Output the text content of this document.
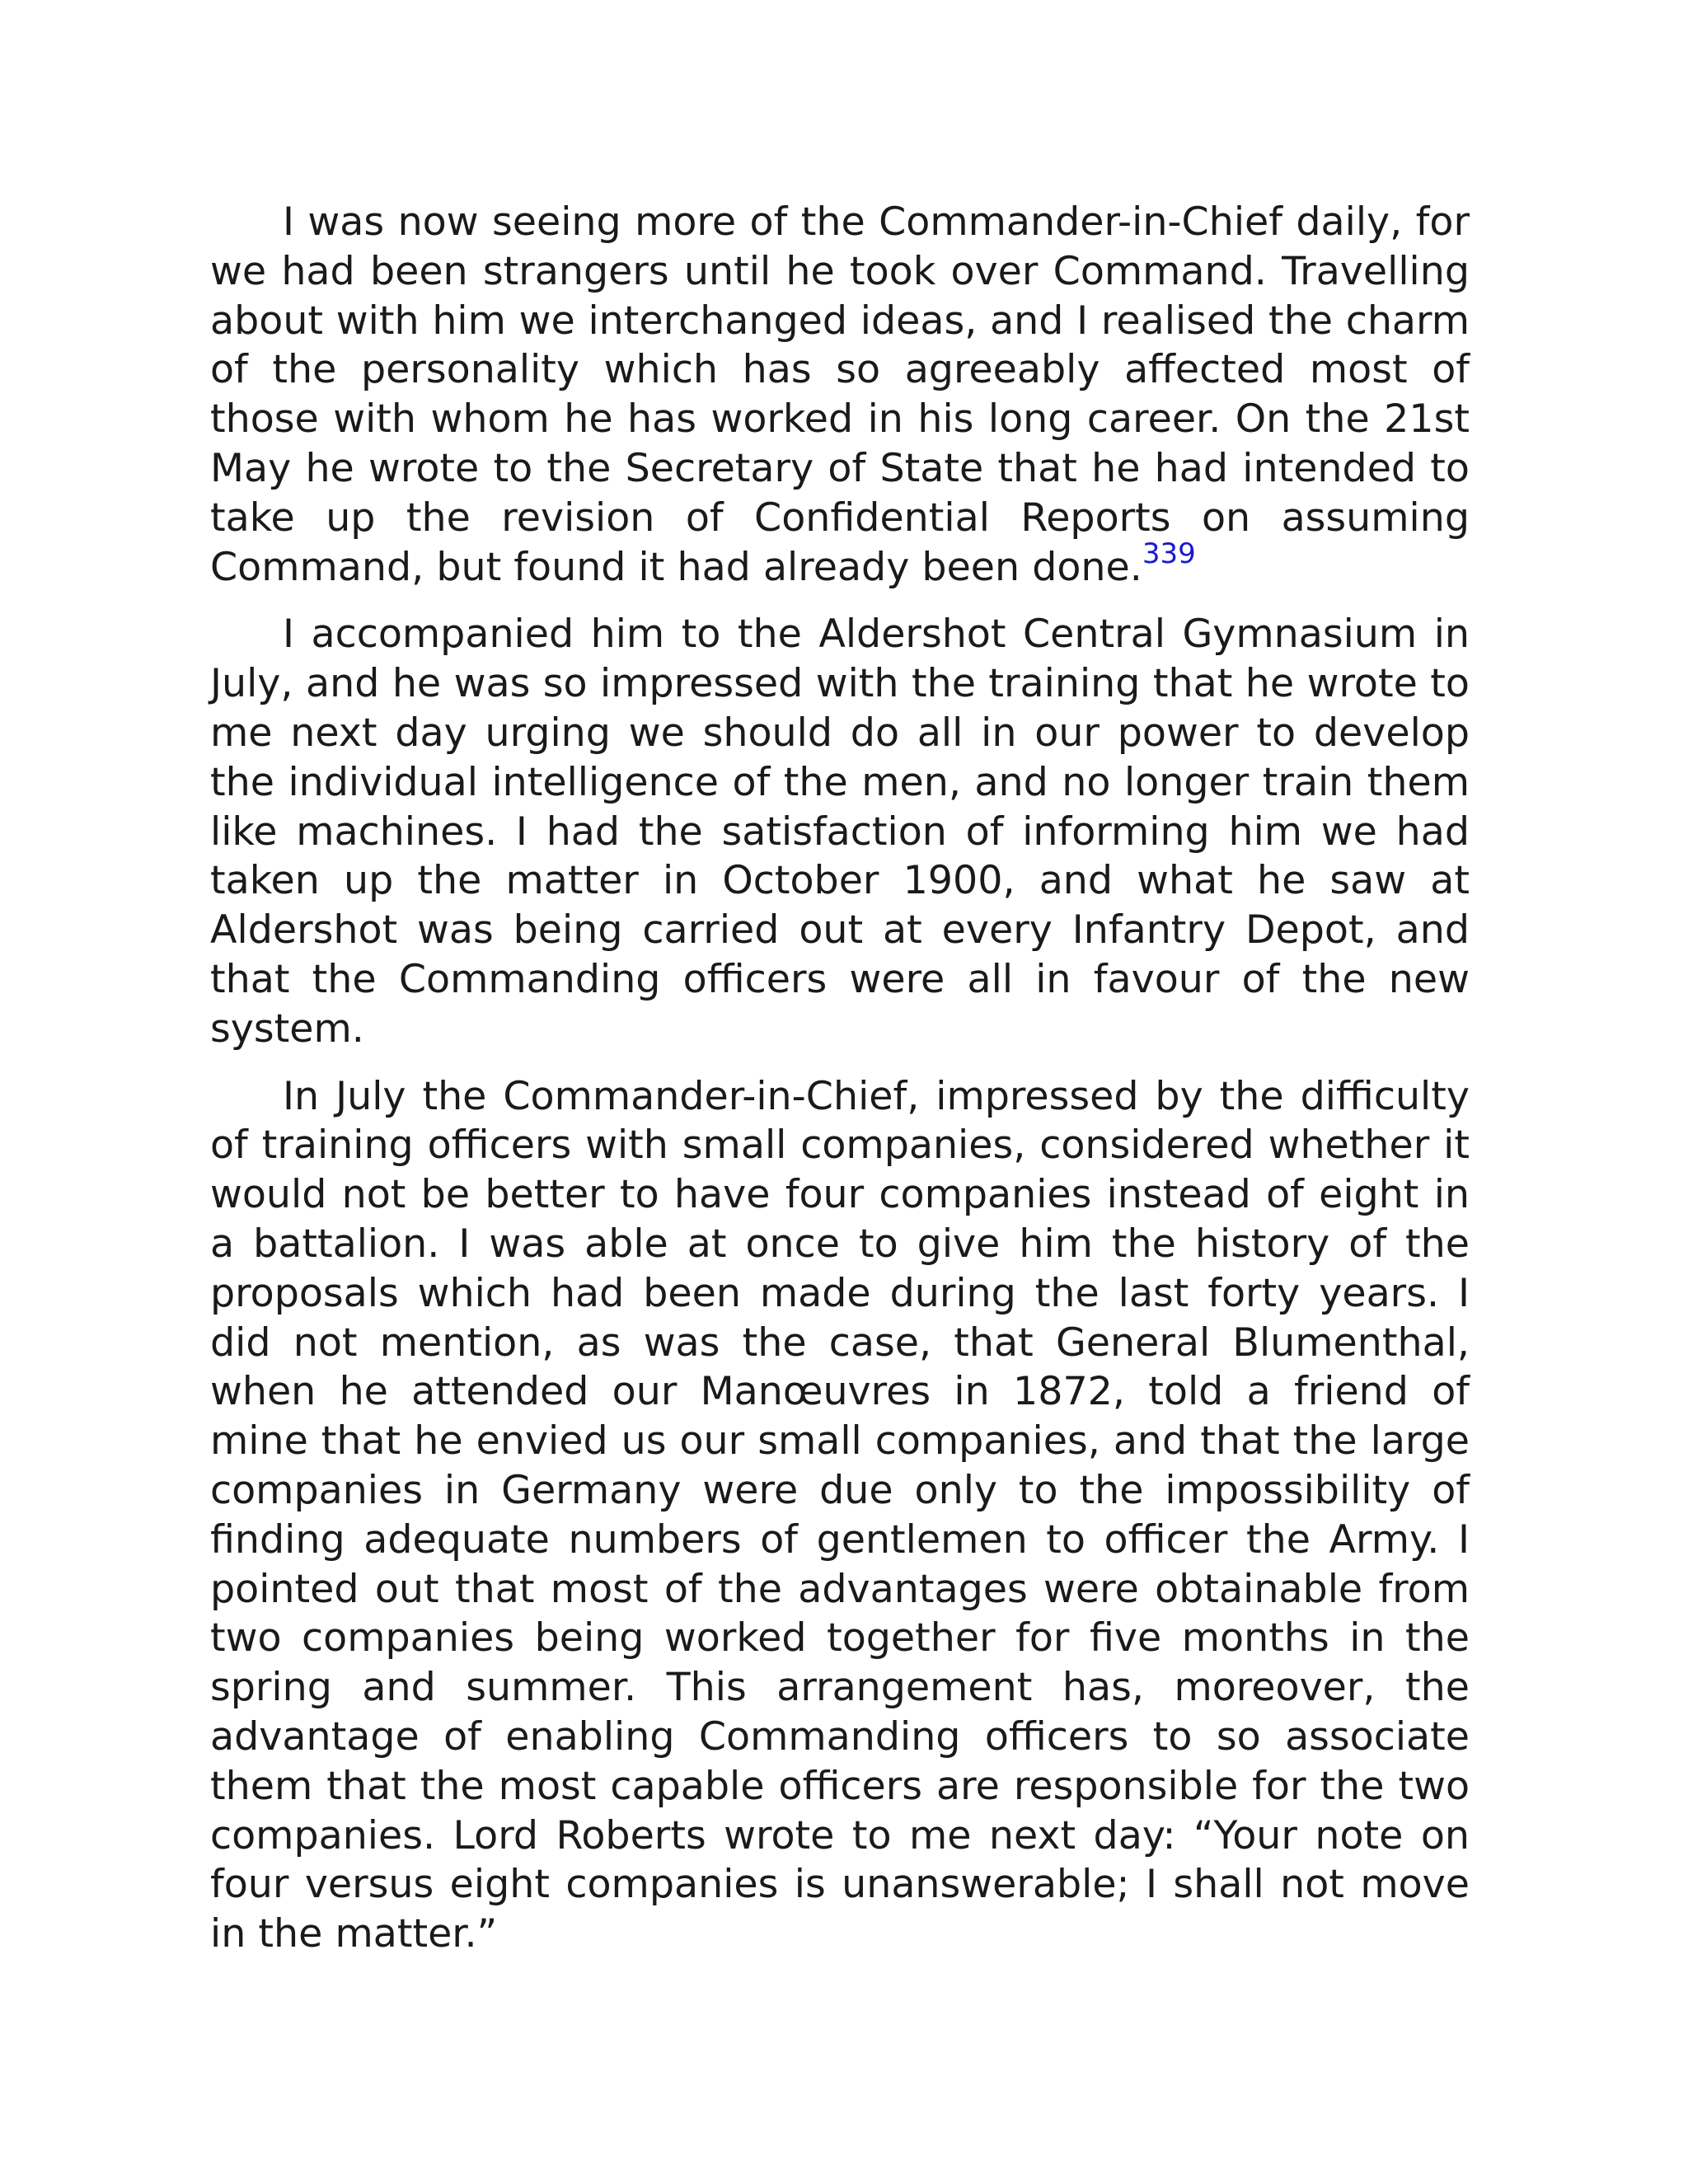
I was now seeing more of the Commander-in-Chief daily, for we had been strangers until he took over Command. Travelling about with him we interchanged ideas, and I realised the charm of the personality which has so agreeably affected most of those with whom he has worked in his long career. On the 21st May he wrote to the Secretary of State that he had intended to take up the revision of Confidential Reports on assuming Command, but found it had already been done.$^{339}$

I accompanied him to the Aldershot Central Gymnasium in July, and he was so impressed with the training that he wrote to me next day urging we should do all in our power to develop the individual intelligence of the men, and no longer train them like machines. I had the satisfaction of informing him we had taken up the matter in October 1900, and what he saw at Aldershot was being carried out at every Infantry Depot, and that the Commanding officers were all in favour of the new system.

In July the Commander-in-Chief, impressed by the difficulty of training officers with small companies, considered whether it would not be better to have four companies instead of eight in a battalion. I was able at once to give him the history of the proposals which had been made during the last forty years. I did not mention, as was the case, that General Blumenthal, when he attended our Manœuvres in 1872, told a friend of mine that he envied us our small companies, and that the large companies in Germany were due only to the impossibility of finding adequate numbers of gentlemen to officer the Army. I pointed out that most of the advantages were obtainable from two companies being worked together for five months in the spring and summer. This arrangement has, moreover, the advantage of enabling Commanding officers to so associate them that the most capable officers are responsible for the two companies. Lord Roberts wrote to me next day: “Your note on four versus eight companies is unanswerable; I shall not move in the matter.”
